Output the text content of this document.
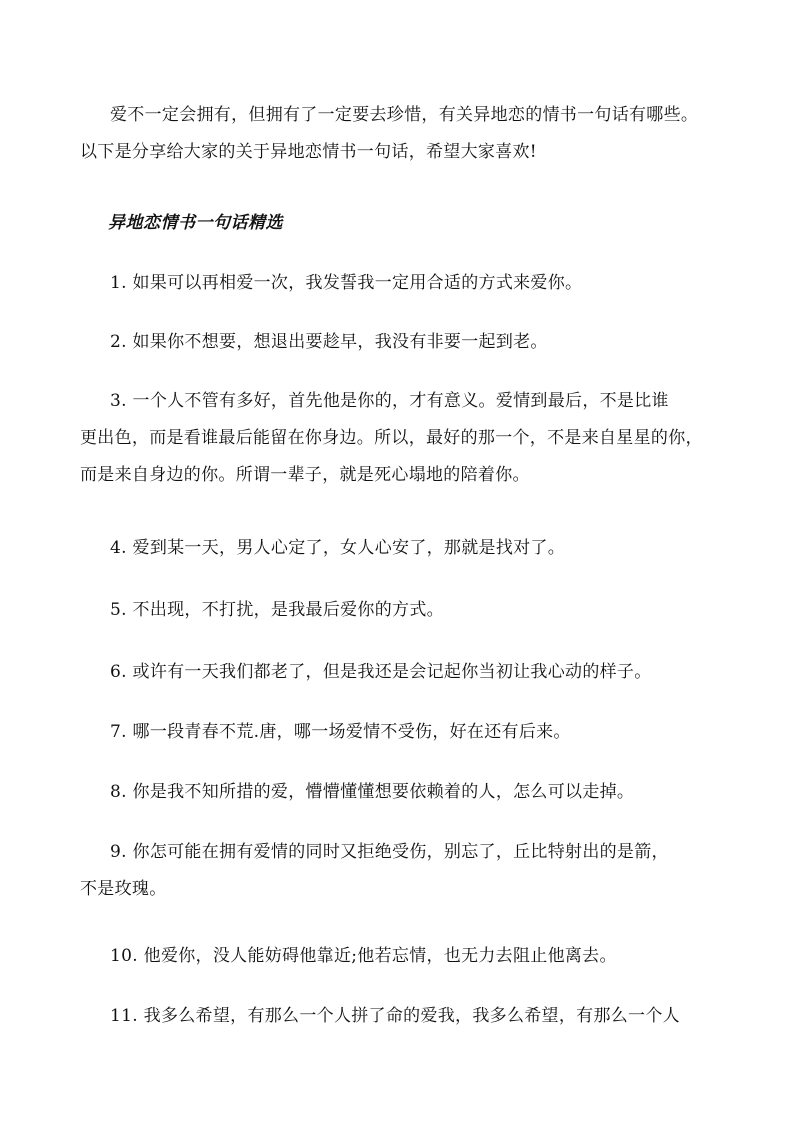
爱不一定会拥有，但拥有了一定要去珍惜，有关异地恋的情书一句话有哪些。
以下是分享给大家的关于异地恋情书一句话，希望大家喜欢!
异地恋情书一句话精选
1. 如果可以再相爱一次，我发誓我一定用合适的方式来爱你。
2. 如果你不想要，想退出要趁早，我没有非要一起到老。
3. 一个人不管有多好，首先他是你的，才有意义。爱情到最后，不是比谁
更出色，而是看谁最后能留在你身边。所以，最好的那一个，不是来自星星的你，
而是来自身边的你。所谓一辈子，就是死心塌地的陪着你。
4. 爱到某一天，男人心定了，女人心安了，那就是找对了。
5. 不出现，不打扰，是我最后爱你的方式。
6. 或许有一天我们都老了，但是我还是会记起你当初让我心动的样子。
7. 哪一段青春不荒.唐，哪一场爱情不受伤，好在还有后来。
8. 你是我不知所措的爱，懵懵懂懂想要依赖着的人，怎么可以走掉。
9. 你怎可能在拥有爱情的同时又拒绝受伤，别忘了，丘比特射出的是箭，
不是玫瑰。
10. 他爱你，没人能妨碍他靠近;他若忘情，也无力去阻止他离去。
11. 我多么希望，有那么一个人拼了命的爱我，我多么希望，有那么一个人
